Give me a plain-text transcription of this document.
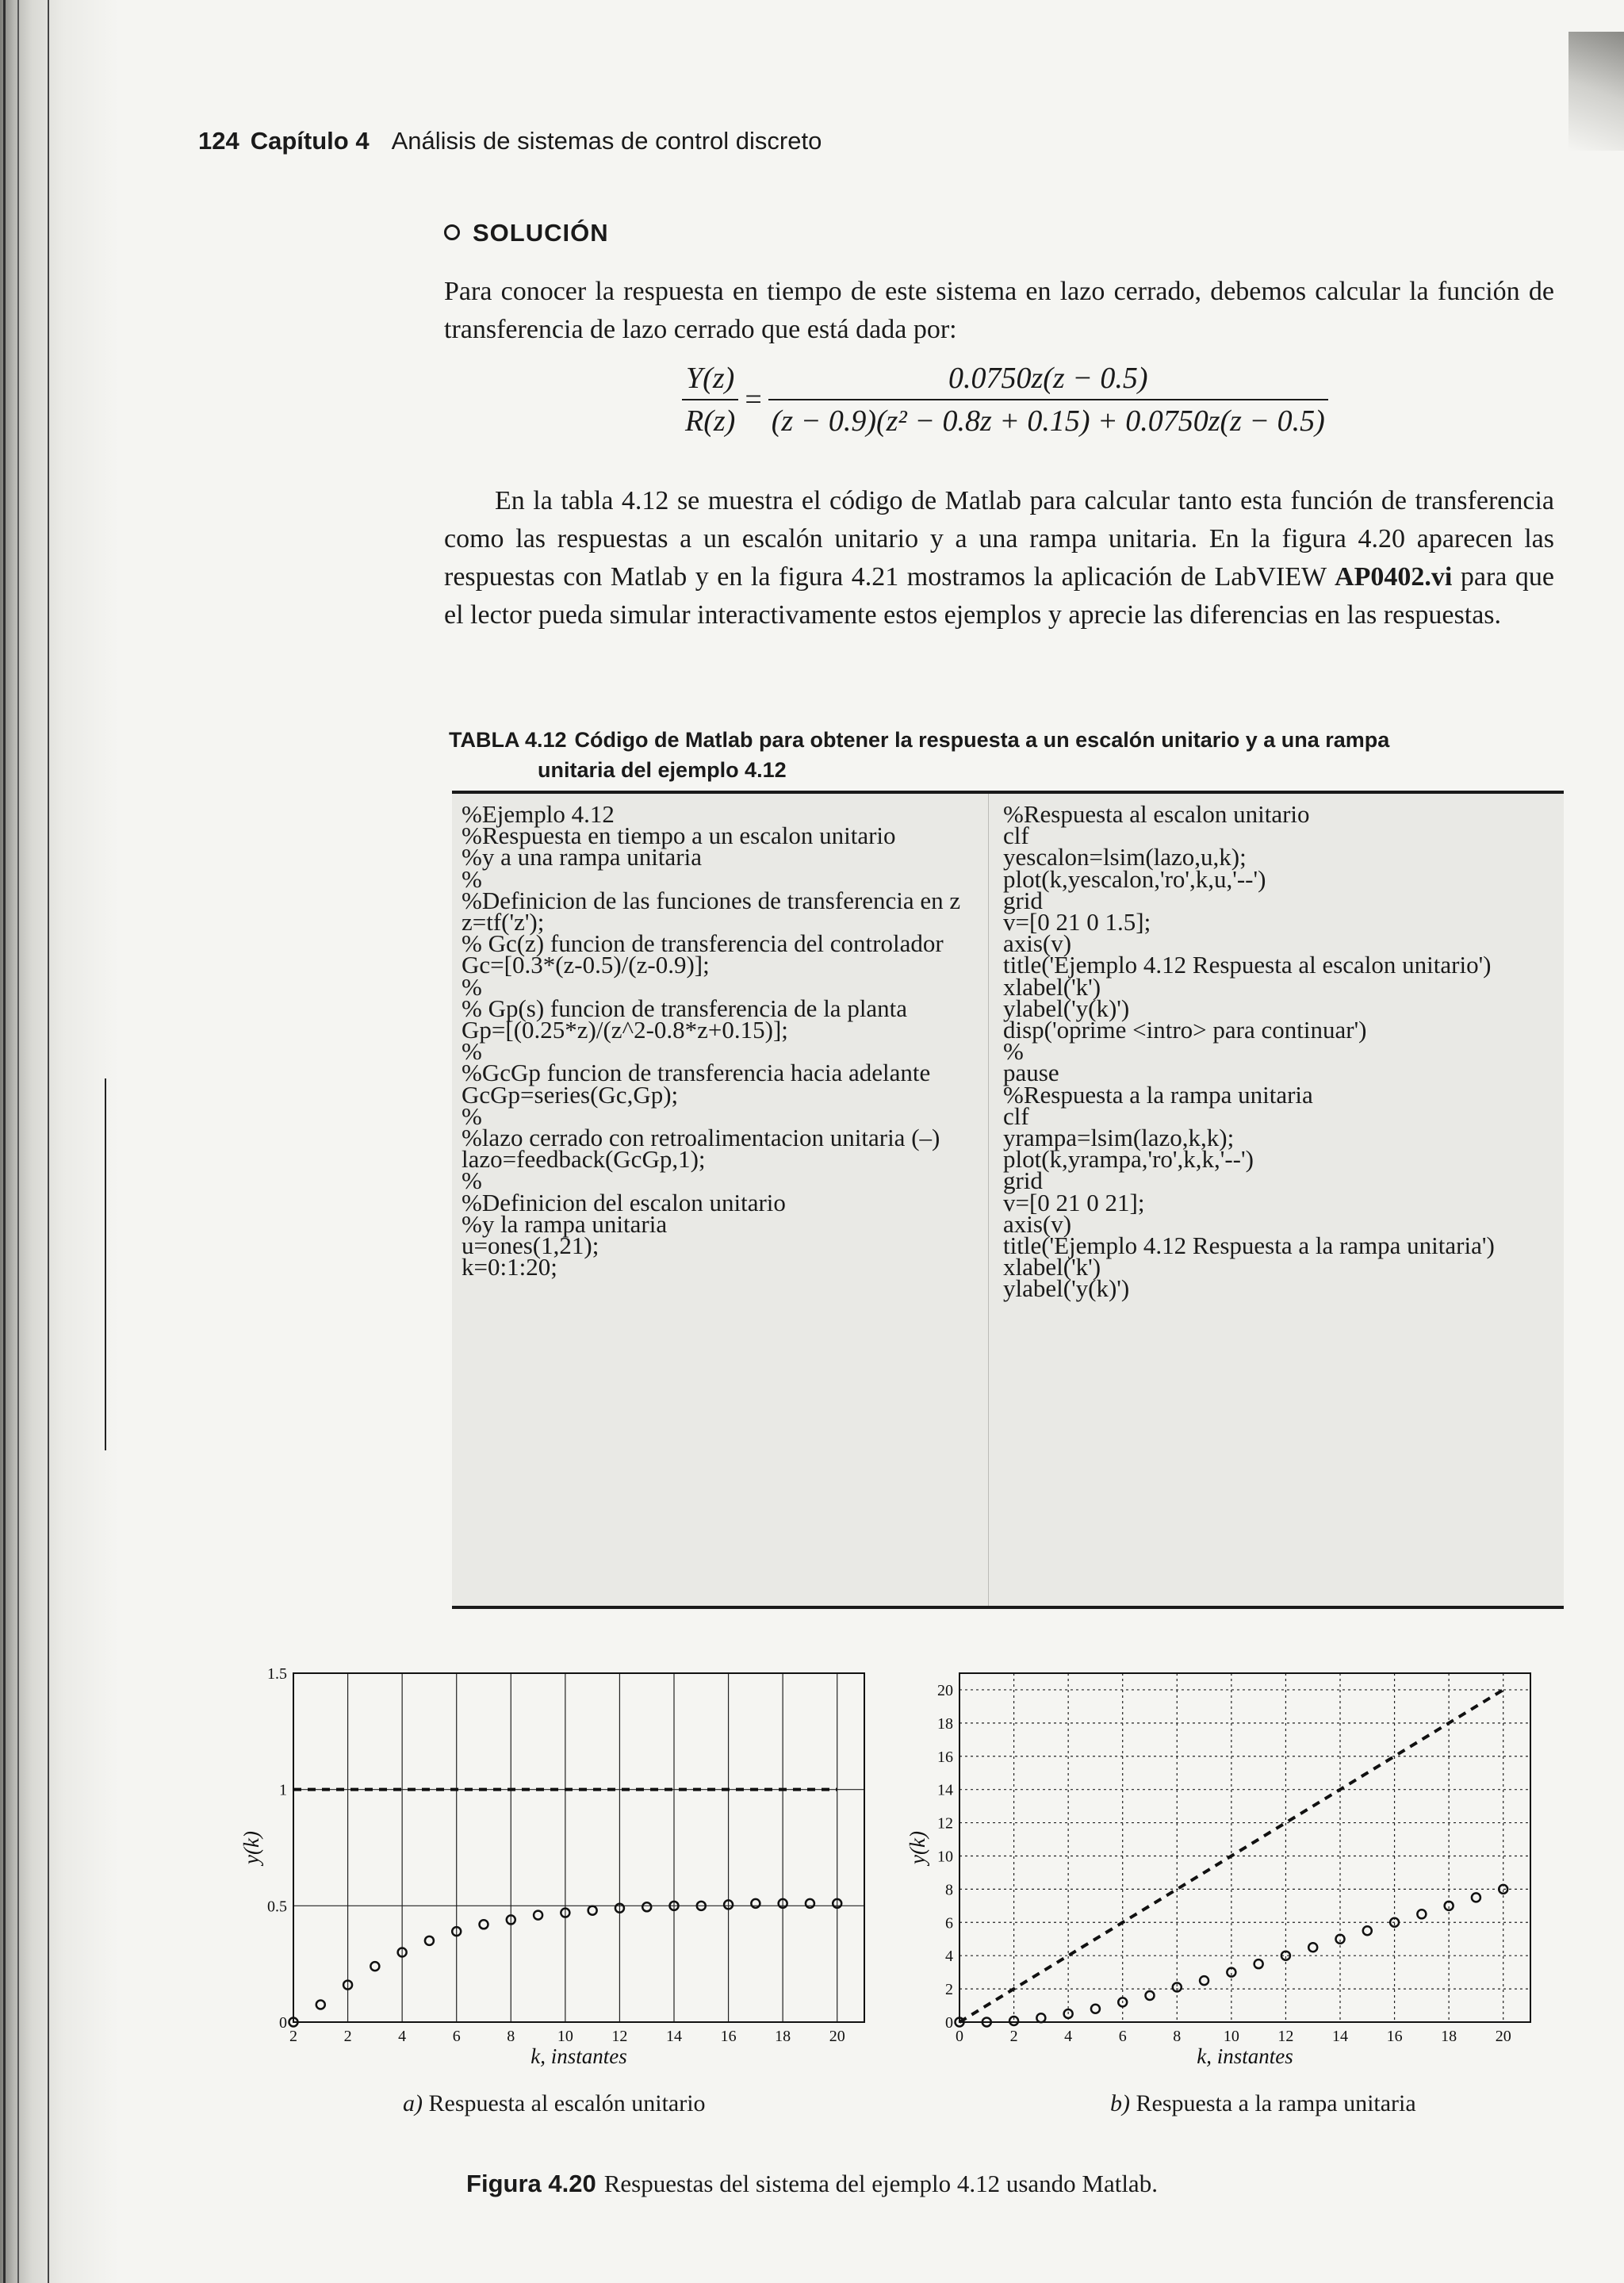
124 Capítulo 4 Análisis de sistemas de control discreto
SOLUCIÓN
Para conocer la respuesta en tiempo de este sistema en lazo cerrado, debemos calcular la función de transferencia de lazo cerrado que está dada por:
$\frac{Y(z)}{R(z)} = \frac{0.0750z(z - 0.5)}{\text{(z − 0.9)(z² − 0.8z + 0.15) + 0.0750z(z − 0.5)}}$
En la tabla 4.12 se muestra el código de Matlab para calcular tanto esta función de transferencia como las respuestas a un escalón unitario y a una rampa unitaria. En la figura 4.20 aparecen las respuestas con Matlab y en la figura 4.21 mostramos la aplicación de LabVIEW AP0402.vi para que el lector pueda simular interactivamente estos ejemplos y aprecie las diferencias en las respuestas.
TABLA 4.12 Código de Matlab para obtener la respuesta a un escalón unitario y a una rampa
unitaria del ejemplo 4.12
%Ejemplo 4.12
%Respuesta en tiempo a un escalon unitario
%y a una rampa unitaria
%
%Definicion de las funciones de transferencia en z
z=tf('z');
% Gc(z) funcion de transferencia del controlador
Gc=[0.3*(z-0.5)/(z-0.9)];
%
% Gp(s) funcion de transferencia de la planta
Gp=[(0.25*z)/(z^2-0.8*z+0.15)];
%
%GcGp funcion de transferencia hacia adelante
GcGp=series(Gc,Gp);
%
%lazo cerrado con retroalimentacion unitaria (–)
lazo=feedback(GcGp,1);
%
%Definicion del escalon unitario
%y la rampa unitaria
u=ones(1,21);
k=0:1:20;
%Respuesta al escalon unitario
clf
yescalon=lsim(lazo,u,k);
plot(k,yescalon,'ro',k,u,'--')
grid
v=[0 21 0 1.5];
axis(v)
title('Ejemplo 4.12 Respuesta al escalon unitario')
xlabel('k')
ylabel('y(k)')
disp('oprime <intro> para continuar')
%
pause
%Respuesta a la rampa unitaria
clf
yrampa=lsim(lazo,k,k);
plot(k,yrampa,'ro',k,k,'--')
grid
v=[0 21 0 21];
axis(v)
title('Ejemplo 4.12 Respuesta a la rampa unitaria')
xlabel('k')
ylabel('y(k)')
2	2	4	6	8	10 12 14 16 18 20
0
0.5
1
1.5
k, instantes
y(k)
0	2	4	6	8	10 12 14 16 18 20
0
2
4
6
8
10
12
14
16
18
20
k, instantes
y(k)
a) Respuesta al escalón unitario	b) Respuesta a la rampa unitaria
Figura 4.20 Respuestas del sistema del ejemplo 4.12 usando Matlab.
